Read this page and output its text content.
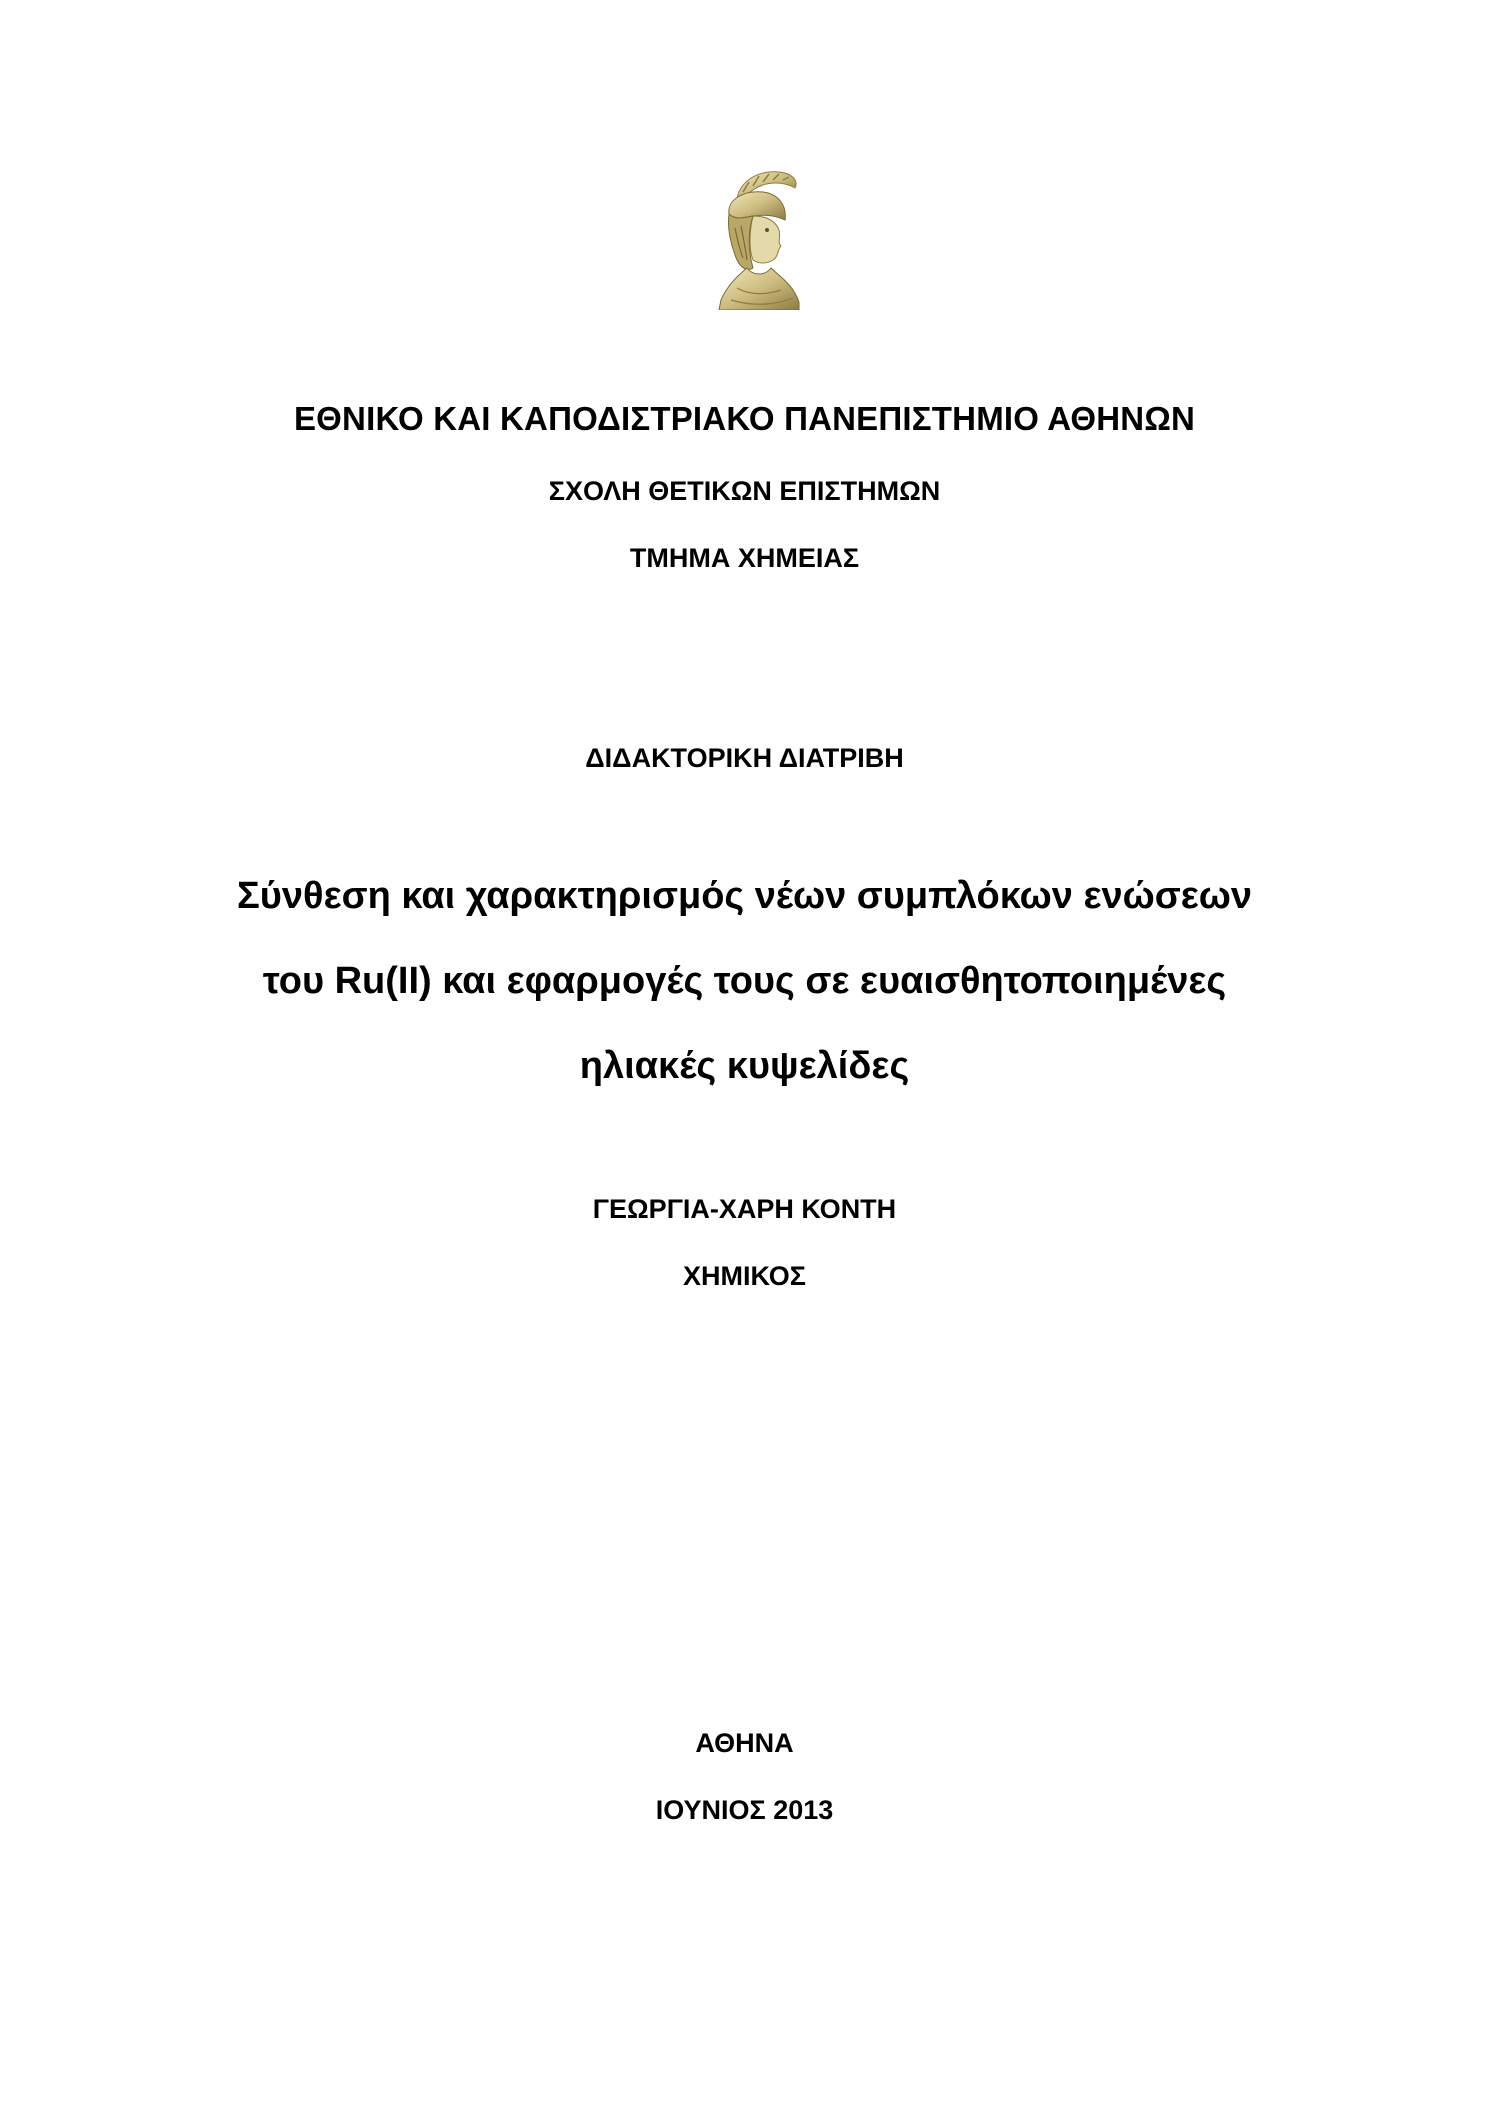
ΕΘΝΙΚΟ ΚΑΙ ΚΑΠΟΔΙΣΤΡΙΑΚΟ ΠΑΝΕΠΙΣΤΗΜΙΟ ΑΘΗΝΩΝ
ΣΧΟΛΗ ΘΕΤΙΚΩΝ ΕΠΙΣΤΗΜΩΝ
ΤΜΗΜΑ ΧΗΜΕΙΑΣ
ΔΙΔΑΚΤΟΡΙΚΗ ΔΙΑΤΡΙΒΗ
Σύνθεση και χαρακτηρισμός νέων συμπλόκων ενώσεων
του Ru(II) και εφαρμογές τους σε ευαισθητοποιημένες
ηλιακές κυψελίδες
ΓΕΩΡΓΙΑ-ΧΑΡΗ ΚΟΝΤΗ
ΧΗΜΙΚΟΣ
ΑΘΗΝΑ
ΙΟΥΝΙΟΣ 2013
